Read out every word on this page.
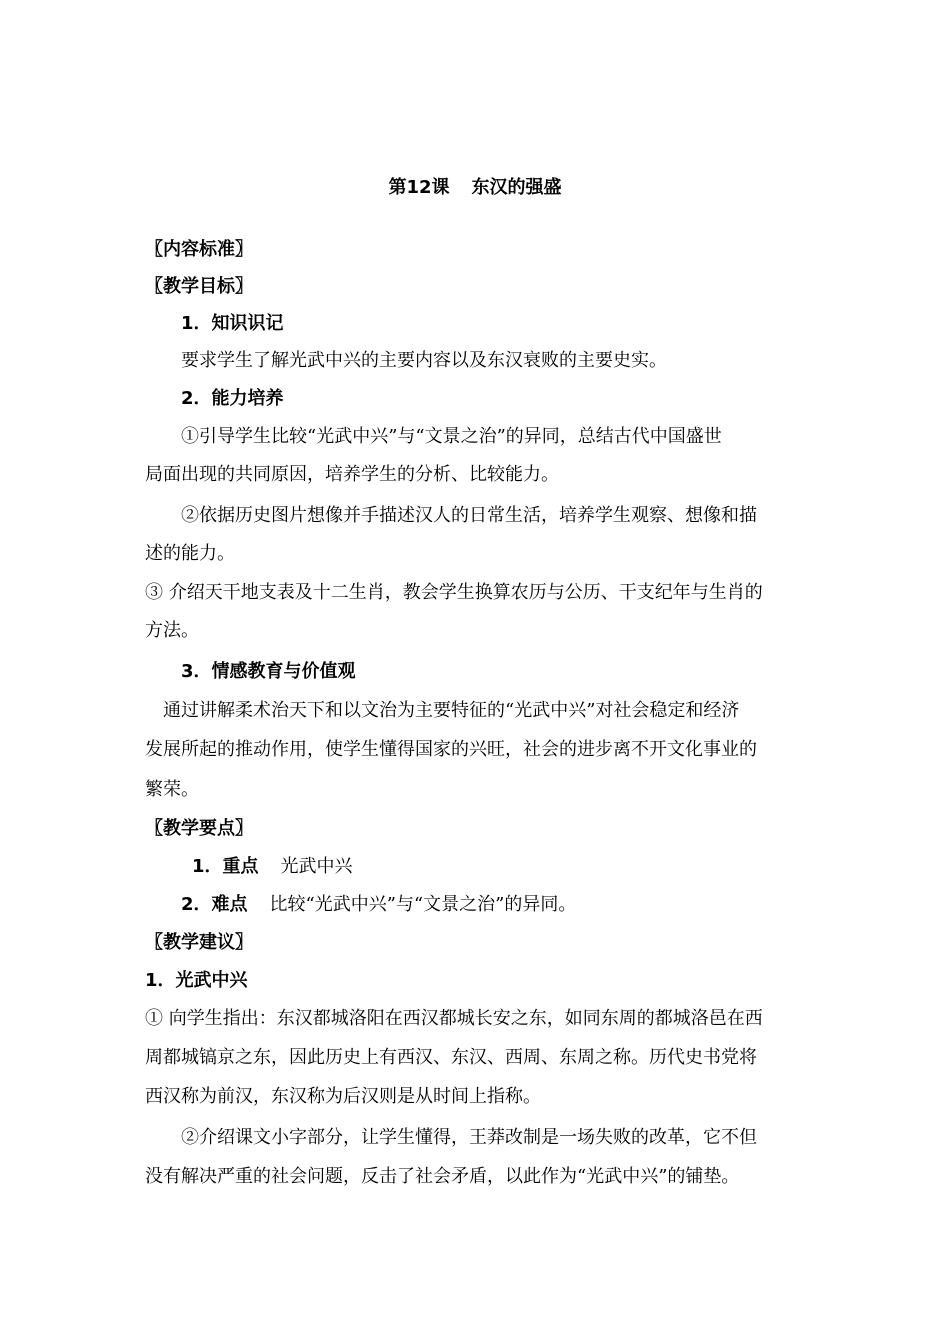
第12课 东汉的强盛
〖内容标准〗
〖教学目标〗
1．知识识记
要求学生了解光武中兴的主要内容以及东汉衰败的主要史实。
2．能力培养
①引导学生比较“光武中兴”与“文景之治”的异同，总结古代中国盛世
局面出现的共同原因，培养学生的分析、比较能力。
②依据历史图片想像并手描述汉人的日常生活，培养学生观察、想像和描
述的能力。
③ 介绍天干地支表及十二生肖，教会学生换算农历与公历、干支纪年与生肖的
方法。
3．情感教育与价值观
通过讲解柔术治天下和以文治为主要特征的“光武中兴”对社会稳定和经济
发展所起的推动作用，使学生懂得国家的兴旺，社会的进步离不开文化事业的
繁荣。
〖教学要点〗
1．重点 光武中兴
2．难点 比较“光武中兴”与“文景之治”的异同。
〖教学建议〗
1．光武中兴
① 向学生指出：东汉都城洛阳在西汉都城长安之东，如同东周的都城洛邑在西
周都城镐京之东，因此历史上有西汉、东汉、西周、东周之称。历代史书党将
西汉称为前汉，东汉称为后汉则是从时间上指称。
②介绍课文小字部分，让学生懂得，王莽改制是一场失败的改革，它不但
没有解决严重的社会问题，反击了社会矛盾，以此作为“光武中兴”的铺垫。
